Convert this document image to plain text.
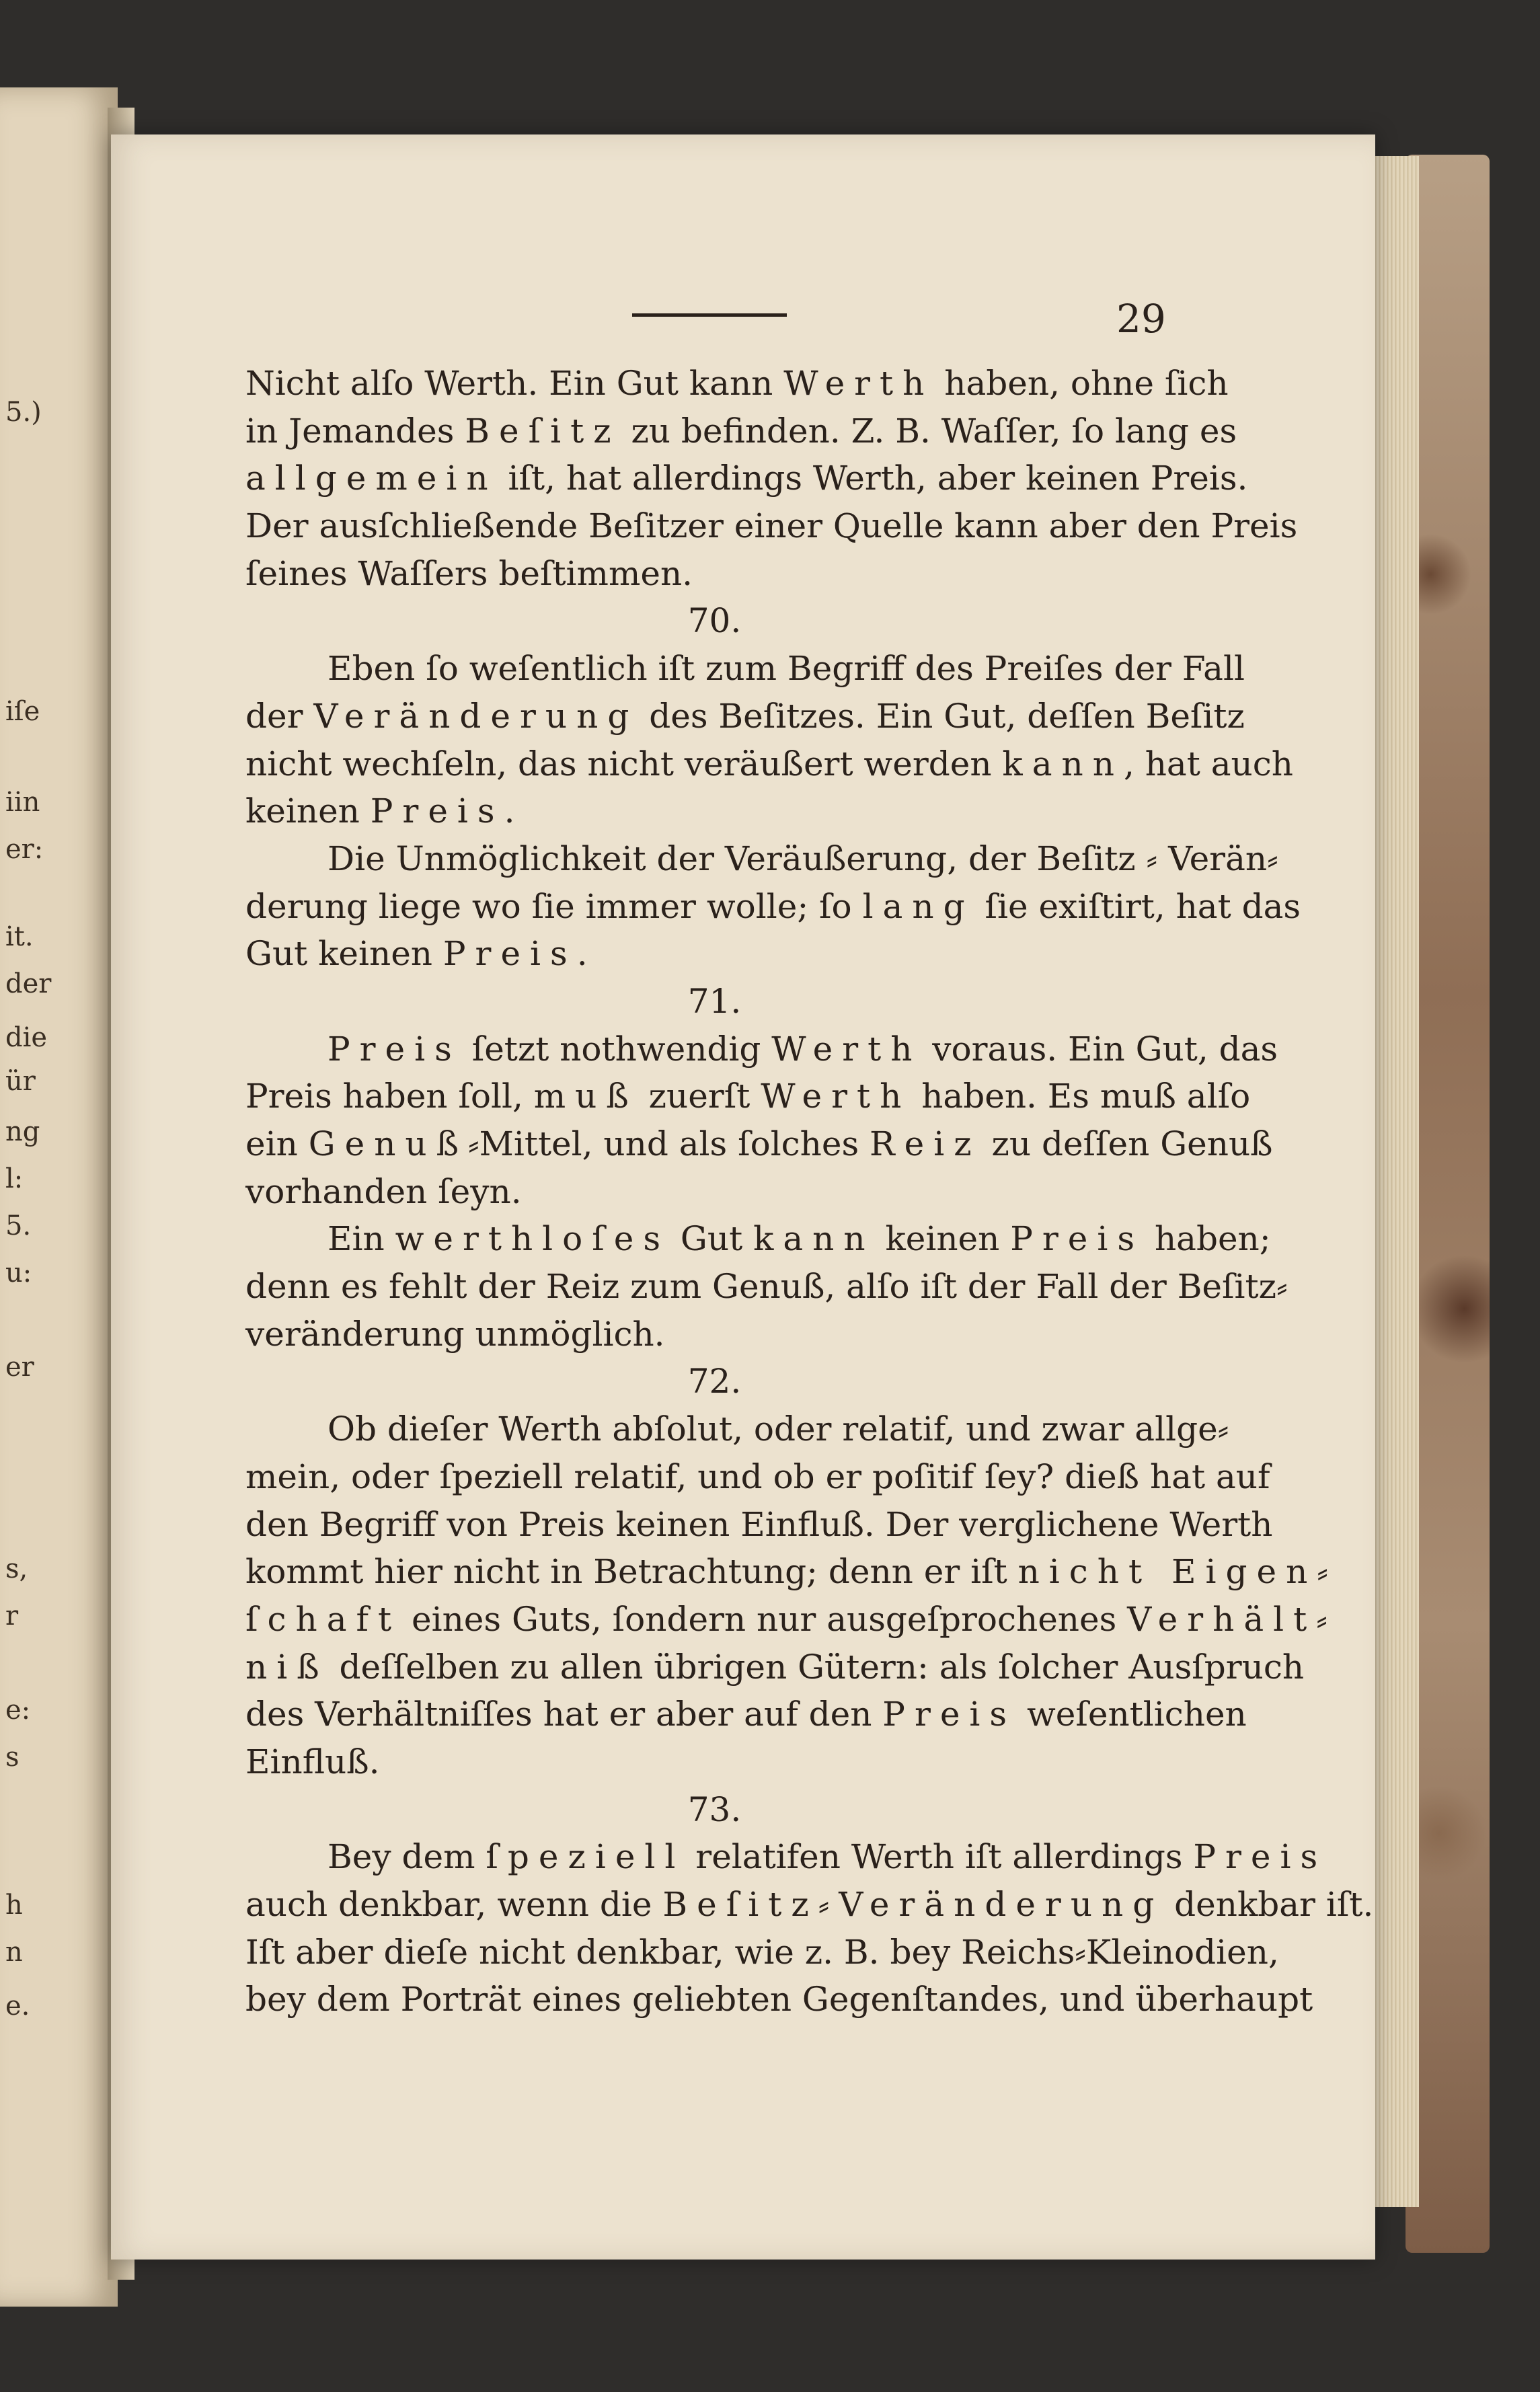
5.)
iſe
iin
er:
it.
der
die
ür
ng
l:
5.
u:
er
s,
r
e:
s
h
n
e.
29
Nicht alſo Werth. Ein Gut kann Werth haben, ohne ſich
in Jemandes Beſitz zu befinden. Z. B. Waſſer, ſo lang es
allgemein iſt, hat allerdings Werth, aber keinen Preis.
Der ausſchließende Beſitzer einer Quelle kann aber den Preis
ſeines Waſſers beſtimmen.
70.
Eben ſo weſentlich iſt zum Begriff des Preiſes der Fall
der Veränderung des Beſitzes. Ein Gut, deſſen Beſitz
nicht wechſeln, das nicht veräußert werden kann, hat auch
keinen Preis.
Die Unmöglichkeit der Veräußerung, der Beſitz ⸗ Verän⸗
derung liege wo ſie immer wolle; ſo lang ſie exiſtirt, hat das
Gut keinen Preis.
71.
Preis ſetzt nothwendig Werth voraus. Ein Gut, das
Preis haben ſoll, muß zuerſt Werth haben. Es muß alſo
ein Genuß⸗Mittel, und als ſolches Reiz zu deſſen Genuß
vorhanden ſeyn.
Ein werthloſes Gut kann keinen Preis haben;
denn es fehlt der Reiz zum Genuß, alſo iſt der Fall der Beſitz⸗
veränderung unmöglich.
72.
Ob dieſer Werth abſolut, oder relatif, und zwar allge⸗
mein, oder ſpeziell relatif, und ob er poſitif ſey? dieß hat auf
den Begriff von Preis keinen Einfluß. Der verglichene Werth
kommt hier nicht in Betrachtung; denn er iſt nicht Eigen⸗
ſchaft eines Guts, ſondern nur ausgeſprochenes Verhält⸗
niß deſſelben zu allen übrigen Gütern: als ſolcher Ausſpruch
des Verhältniſſes hat er aber auf den Preis weſentlichen
Einfluß.
73.
Bey dem ſpeziell relatifen Werth iſt allerdings Preis
auch denkbar, wenn die Beſitz⸗Veränderung denkbar iſt.
Iſt aber dieſe nicht denkbar, wie z. B. bey Reichs⸗Kleinodien,
bey dem Porträt eines geliebten Gegenſtandes, und überhaupt
